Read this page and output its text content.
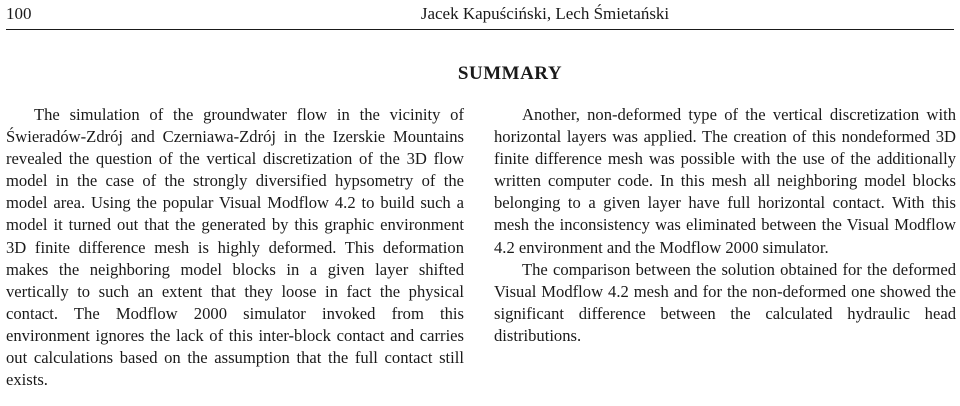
100	Jacek Kapuściński, Lech Śmietański
SUMMARY

The simulation of the groundwater flow in the vicinity of Świeradów-Zdrój and Czerniawa-Zdrój in the Izerskie Mountains revealed the question of the vertical discretization of the 3D flow model in the case of the strongly diversified hypsometry of the model area. Using the popular Visual Modflow 4.2 to build such a model it turned out that the generated by this graphic environment 3D finite difference mesh is highly deformed. This deformation makes the neighboring model blocks in a given layer shifted vertically to such an extent that they loose in fact the physical contact. The Modflow 2000 simulator invoked from this environment ignores the lack of this inter-block contact and carries out calculations based on the assumption that the full contact still exists.

Another, non-deformed type of the vertical discretization with horizontal layers was applied. The creation of this nondeformed 3D finite difference mesh was possible with the use of the additionally written computer code. In this mesh all neighboring model blocks belonging to a given layer have full horizontal contact. With this mesh the inconsistency was eliminated between the Visual Modflow 4.2 environment and the Modflow 2000 simulator.

The comparison between the solution obtained for the deformed Visual Modflow 4.2 mesh and for the non-deformed one showed the significant difference between the calculated hydraulic head distributions.
